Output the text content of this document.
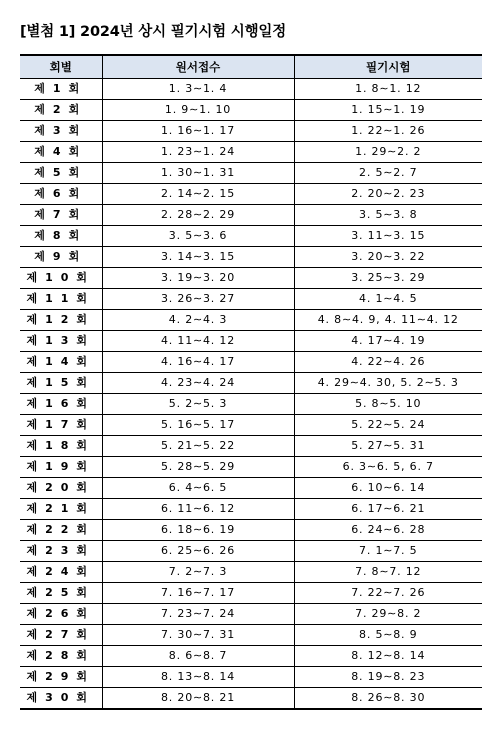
[별첨 1] 2024년 상시 필기시험 시행일정
회별	원서접수	필기시험
제1회	1. 3∼1. 4	1. 8∼1. 12
제2회	1. 9∼1. 10	1. 15∼1. 19
제3회	1. 16∼1. 17	1. 22∼1. 26
제4회	1. 23∼1. 24	1. 29∼2. 2
제5회	1. 30∼1. 31	2. 5∼2. 7
제6회	2. 14∼2. 15	2. 20∼2. 23
제7회	2. 28∼2. 29	3. 5∼3. 8
제8회	3. 5∼3. 6	3. 11∼3. 15
제9회	3. 14∼3. 15	3. 20∼3. 22
제10회	3. 19∼3. 20	3. 25∼3. 29
제11회	3. 26∼3. 27	4. 1∼4. 5
제12회	4. 2∼4. 3	4. 8∼4. 9, 4. 11∼4. 12
제13회	4. 11∼4. 12	4. 17∼4. 19
제14회	4. 16∼4. 17	4. 22∼4. 26
제15회	4. 23∼4. 24	4. 29∼4. 30, 5. 2∼5. 3
제16회	5. 2∼5. 3	5. 8∼5. 10
제17회	5. 16∼5. 17	5. 22∼5. 24
제18회	5. 21∼5. 22	5. 27∼5. 31
제19회	5. 28∼5. 29	6. 3∼6. 5, 6. 7
제20회	6. 4∼6. 5	6. 10∼6. 14
제21회	6. 11∼6. 12	6. 17∼6. 21
제22회	6. 18∼6. 19	6. 24∼6. 28
제23회	6. 25∼6. 26	7. 1∼7. 5
제24회	7. 2∼7. 3	7. 8∼7. 12
제25회	7. 16∼7. 17	7. 22∼7. 26
제26회	7. 23∼7. 24	7. 29∼8. 2
제27회	7. 30∼7. 31	8. 5∼8. 9
제28회	8. 6∼8. 7	8. 12∼8. 14
제29회	8. 13∼8. 14	8. 19∼8. 23
제30회	8. 20∼8. 21	8. 26∼8. 30
